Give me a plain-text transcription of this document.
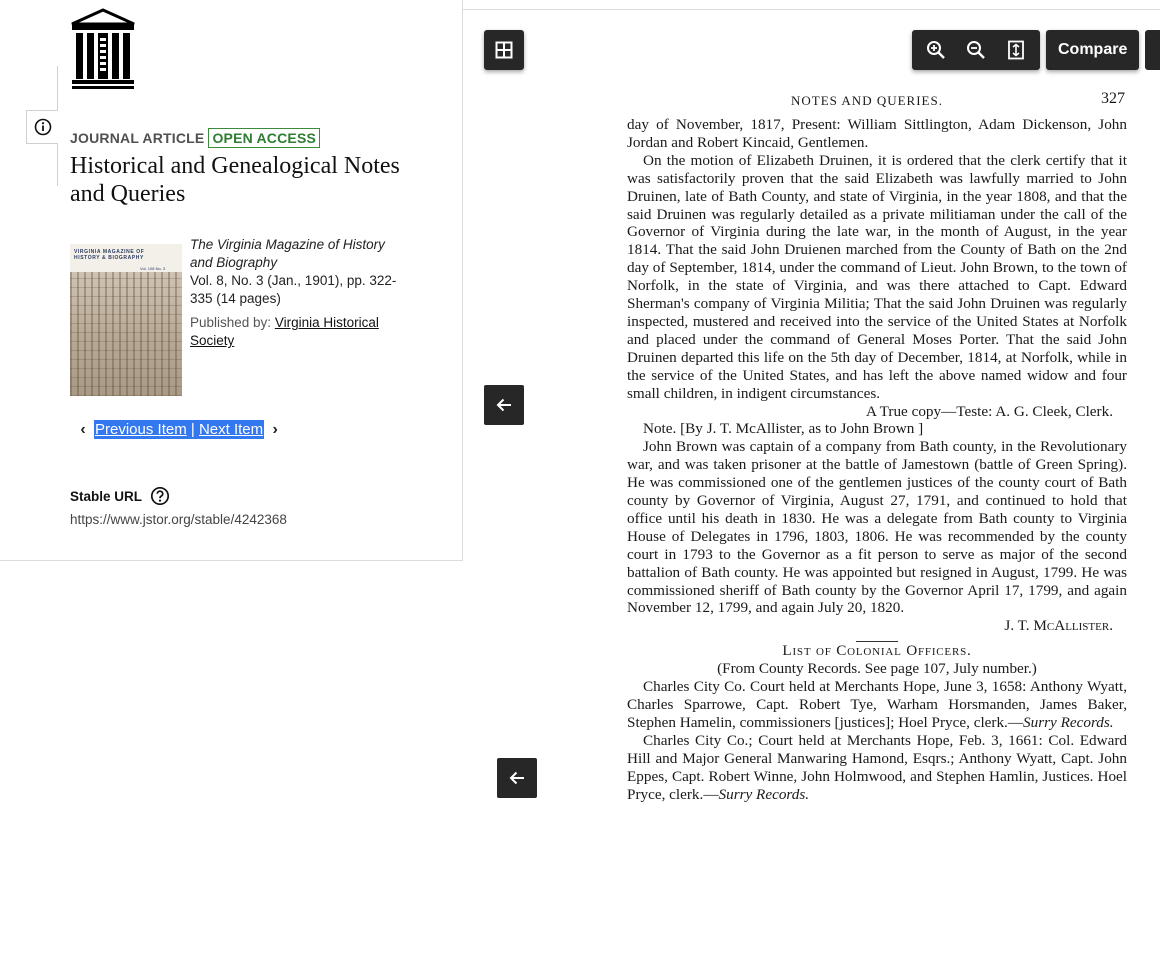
JOURNAL ARTICLE OPEN ACCESS
Historical and Genealogical Notes and Queries
VIRGINIA MAGAZINE OF
HISTORY & BIOGRAPHY
Vol. 108 No. 3
The Virginia Magazine of History and Biography
Vol. 8, No. 3 (Jan., 1901), pp. 322-335 (14 pages)
Published by: Virginia Historical Society
‹ Previous Item | Next Item ›
Stable URL
https://www.jstor.org/stable/4242368
Compare
NOTES AND QUERIES.	327

day of November, 1817, Present: William Sittlington, Adam Dickenson, John Jordan and Robert Kincaid, Gentlemen.

On the motion of Elizabeth Druinen, it is ordered that the clerk certify that it was satisfactorily proven that the said Elizabeth was lawfully married to John Druinen, late of Bath County, and state of Virginia, in the year 1808, and that the said Druinen was regularly detailed as a private militiaman under the call of the Governor of Virginia during the late war, in the month of August, in the year 1814. That the said John Druienen marched from the County of Bath on the 2nd day of September, 1814, under the command of Lieut. John Brown, to the town of Norfolk, in the state of Virginia, and was there attached to Capt. Edward Sherman's company of Virginia Militia; That the said John Druinen was regularly inspected, mustered and received into the service of the United States at Norfolk and placed under the command of General Moses Porter. That the said John Druinen departed this life on the 5th day of December, 1814, at Norfolk, while in the service of the United States, and has left the above named widow and four small children, in indigent circumstances.

A True copy—Teste: A. G. Cleek, Clerk.

Note. [By J. T. McAllister, as to John Brown ]

John Brown was captain of a company from Bath county, in the Revolutionary war, and was taken prisoner at the battle of Jamestown (battle of Green Spring). He was commissioned one of the gentlemen justices of the county court of Bath county by Governor of Virginia, August 27, 1791, and continued to hold that office until his death in 1830. He was a delegate from Bath county to Virginia House of Delegates in 1796, 1803, 1806. He was recommended by the county court in 1793 to the Governor as a fit person to serve as major of the second battalion of Bath county. He was appointed but resigned in August, 1799. He was commissioned sheriff of Bath county by the Governor April 17, 1799, and again November 12, 1799, and again July 20, 1820.

J. T. McAllister.

List of Colonial Officers.

(From County Records. See page 107, July number.)

Charles City Co. Court held at Merchants Hope, June 3, 1658: Anthony Wyatt, Charles Sparrowe, Capt. Robert Tye, Warham Horsmanden, James Baker, Stephen Hamelin, commissioners [justices]; Hoel Pryce, clerk.—Surry Records.

Charles City Co.; Court held at Merchants Hope, Feb. 3, 1661: Col. Edward Hill and Major General Manwaring Hamond, Esqrs.; Anthony Wyatt, Capt. John Eppes, Capt. Robert Winne, John Holmwood, and Stephen Hamlin, Justices. Hoel Pryce, clerk.—Surry Records.
